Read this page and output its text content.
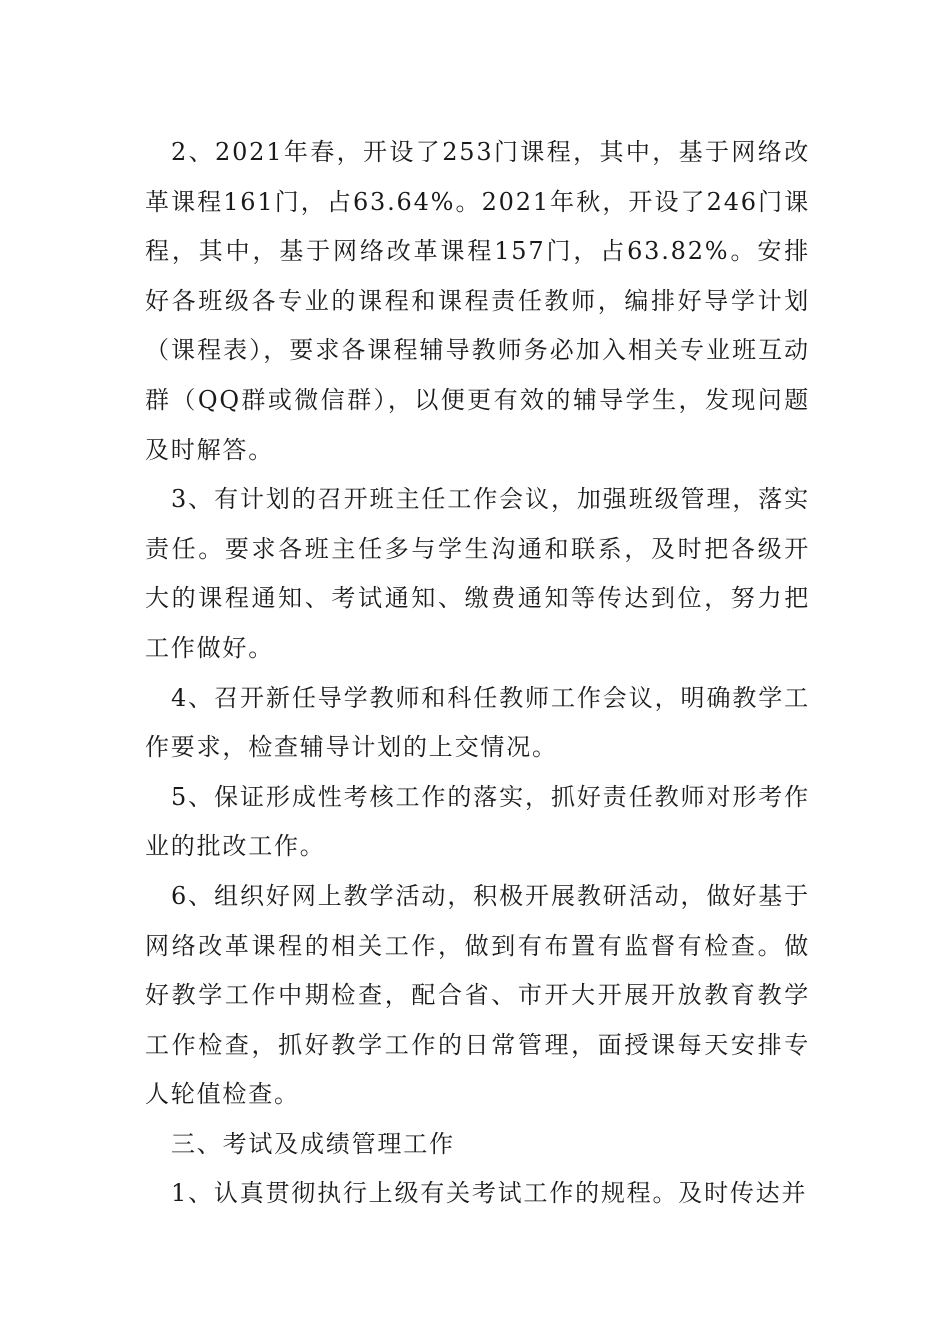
2、2021年春，开设了253门课程，其中，基于网络改革课程161门，占63.64%。2021年秋，开设了246门课程，其中，基于网络改革课程157门，占63.82%。安排好各班级各专业的课程和课程责任教师，编排好导学计划（课程表），要求各课程辅导教师务必加入相关专业班互动群（QQ群或微信群），以便更有效的辅导学生，发现问题及时解答。

3、有计划的召开班主任工作会议，加强班级管理，落实责任。要求各班主任多与学生沟通和联系，及时把各级开大的课程通知、考试通知、缴费通知等传达到位，努力把工作做好。

4、召开新任导学教师和科任教师工作会议，明确教学工作要求，检查辅导计划的上交情况。

5、保证形成性考核工作的落实，抓好责任教师对形考作业的批改工作。

6、组织好网上教学活动，积极开展教研活动，做好基于网络改革课程的相关工作，做到有布置有监督有检查。做好教学工作中期检查，配合省、市开大开展开放教育教学工作检查，抓好教学工作的日常管理，面授课每天安排专人轮值检查。

三、考试及成绩管理工作

1、认真贯彻执行上级有关考试工作的规程。及时传达并
